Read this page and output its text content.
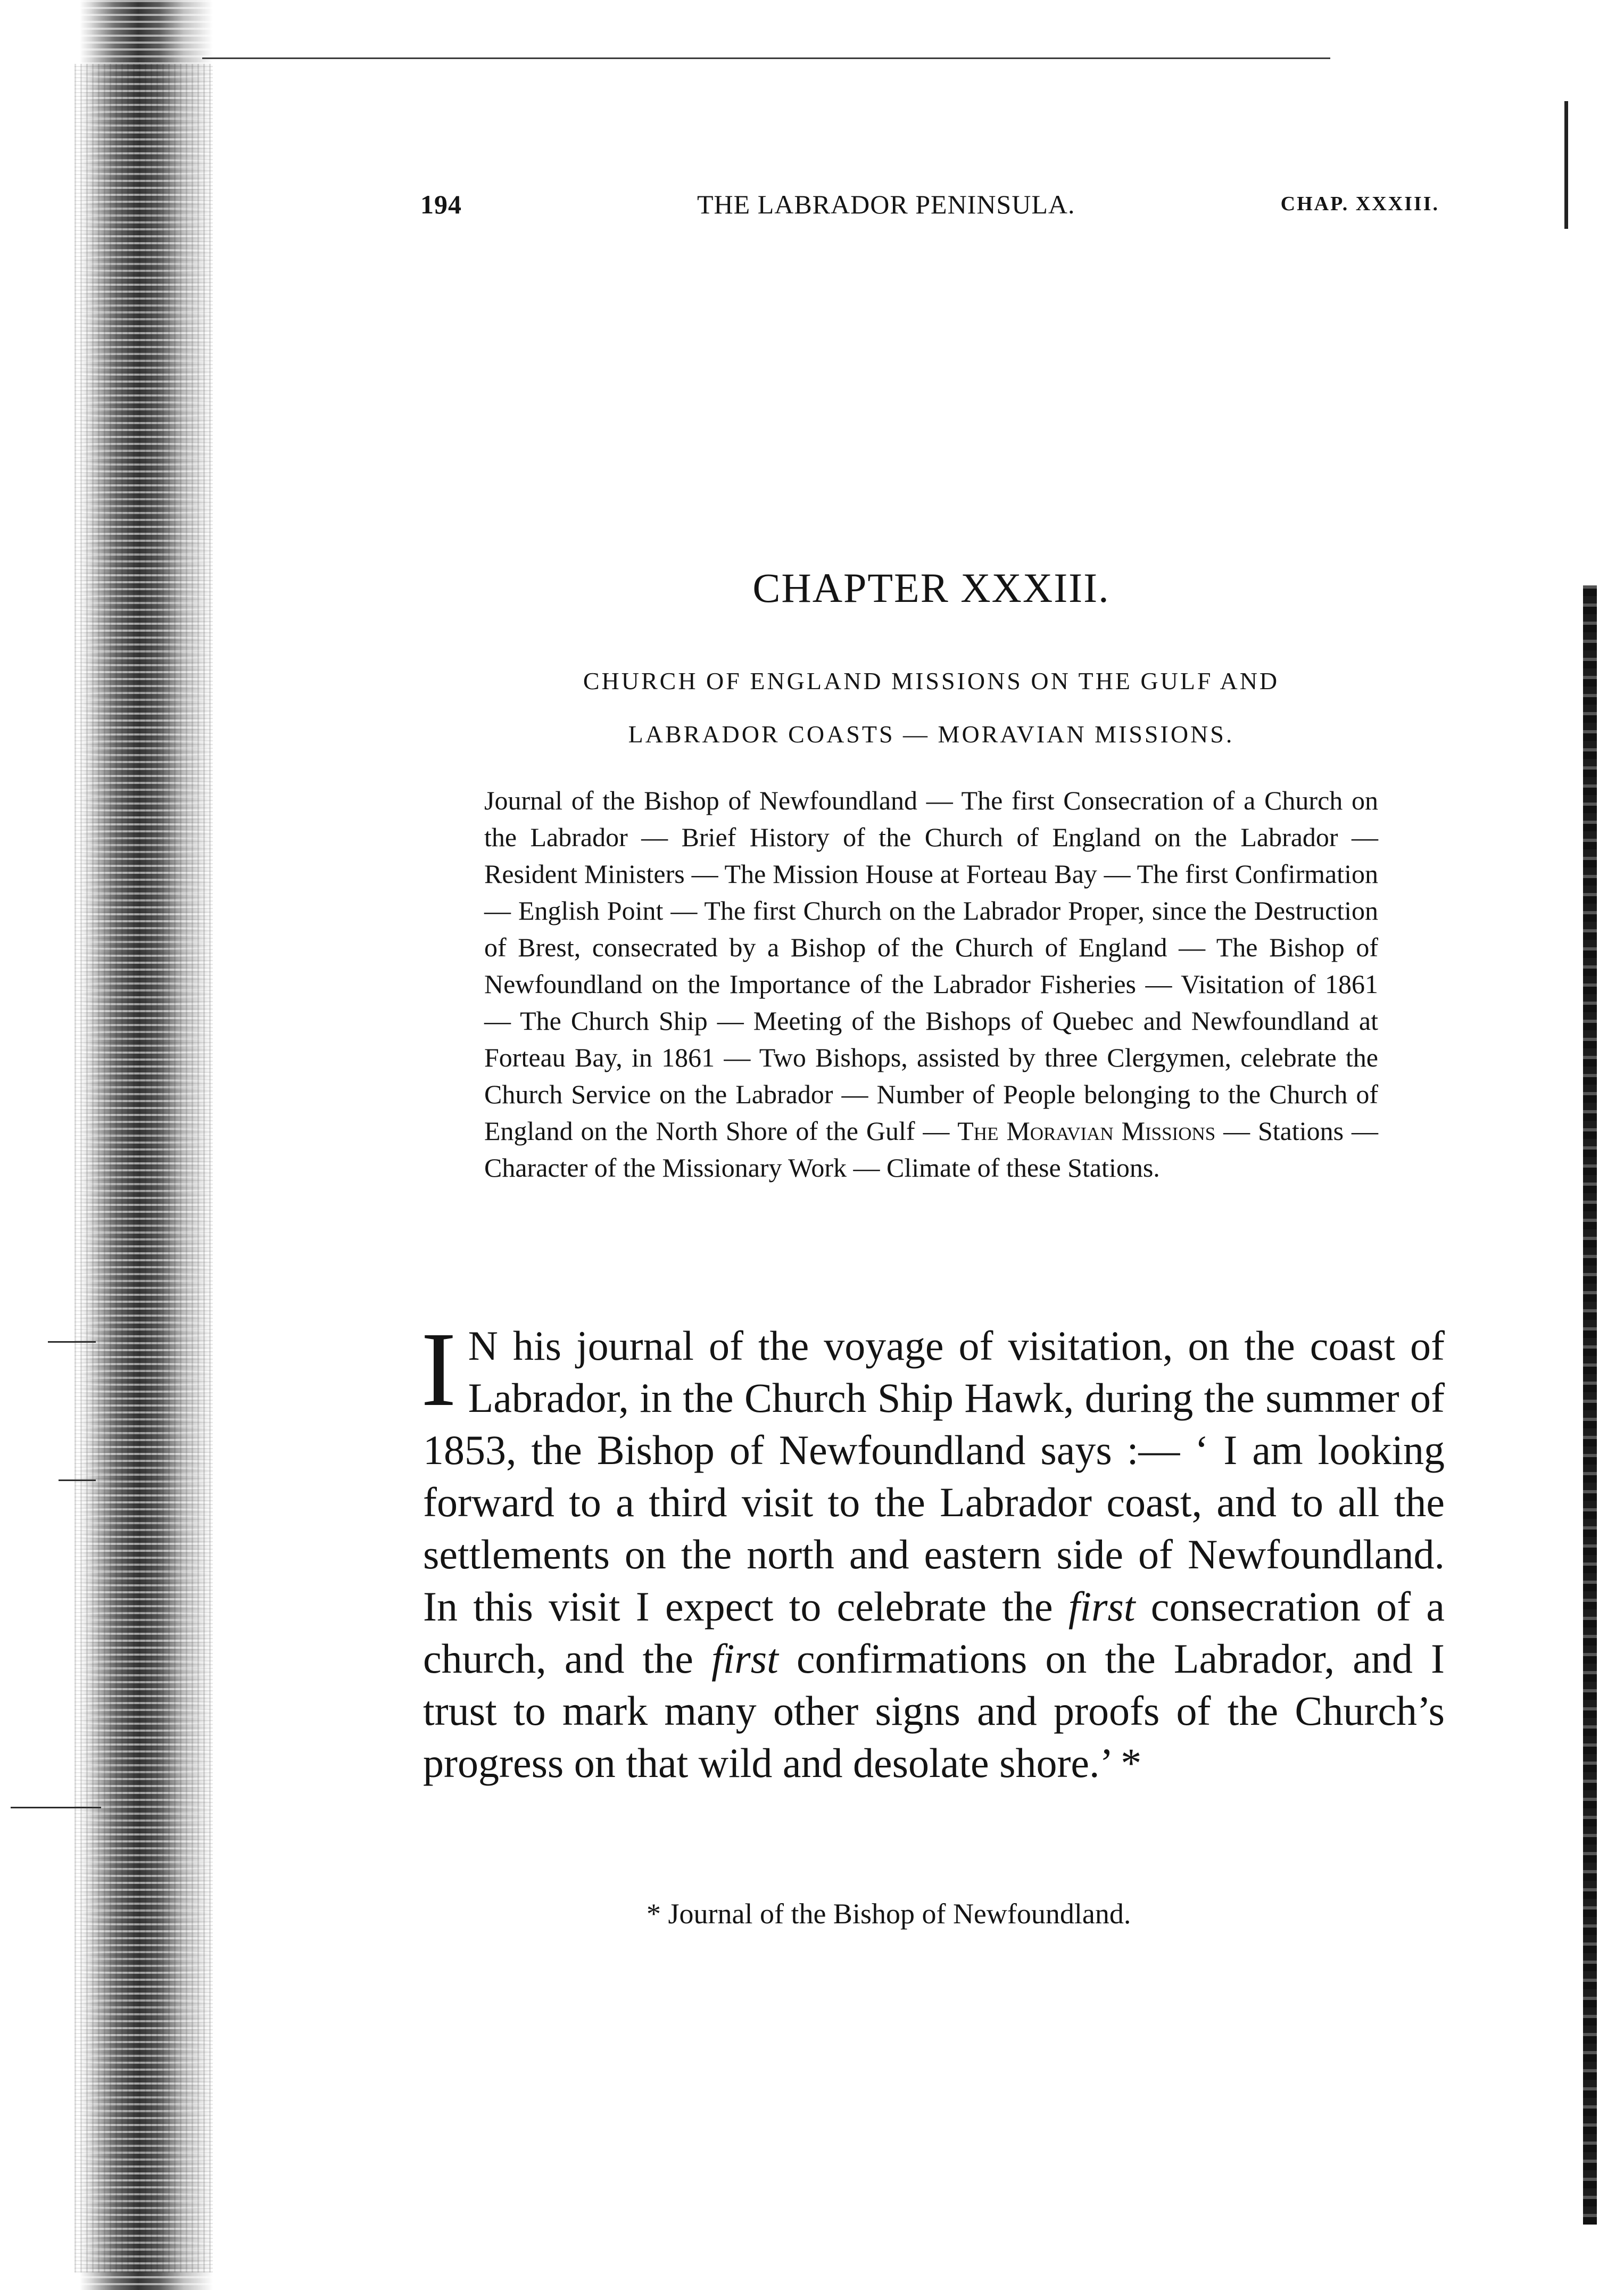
194	THE LABRADOR PENINSULA.	CHAP. XXXIII.
CHAPTER XXXIII.
CHURCH OF ENGLAND MISSIONS ON THE GULF AND
LABRADOR COASTS — MORAVIAN MISSIONS.
Journal of the Bishop of Newfoundland — The first Consecration of a Church on the Labrador — Brief History of the Church of England on the Labrador — Resident Ministers — The Mission House at Forteau Bay — The first Confirmation — English Point — The first Church on the Labrador Proper, since the Destruction of Brest, consecrated by a Bishop of the Church of England — The Bishop of Newfoundland on the Importance of the Labrador Fisheries — Visitation of 1861 — The Church Ship — Meeting of the Bishops of Quebec and Newfoundland at Forteau Bay, in 1861 — Two Bishops, assisted by three Clergymen, celebrate the Church Service on the Labrador — Number of People belonging to the Church of England on the North Shore of the Gulf — The Moravian Missions — Stations — Character of the Missionary Work — Climate of these Stations.
I N his journal of the voyage of visitation, on the coast of Labrador, in the Church Ship Hawk, during the summer of 1853, the Bishop of Newfoundland says :— ‘ I am looking forward to a third visit to the Labrador coast, and to all the settlements on the north and eastern side of Newfoundland. In this visit I expect to celebrate the first consecration of a church, and the first confirmations on the Labrador, and I trust to mark many other signs and proofs of the Church’s progress on that wild and desolate shore.’ *
* Journal of the Bishop of Newfoundland.
